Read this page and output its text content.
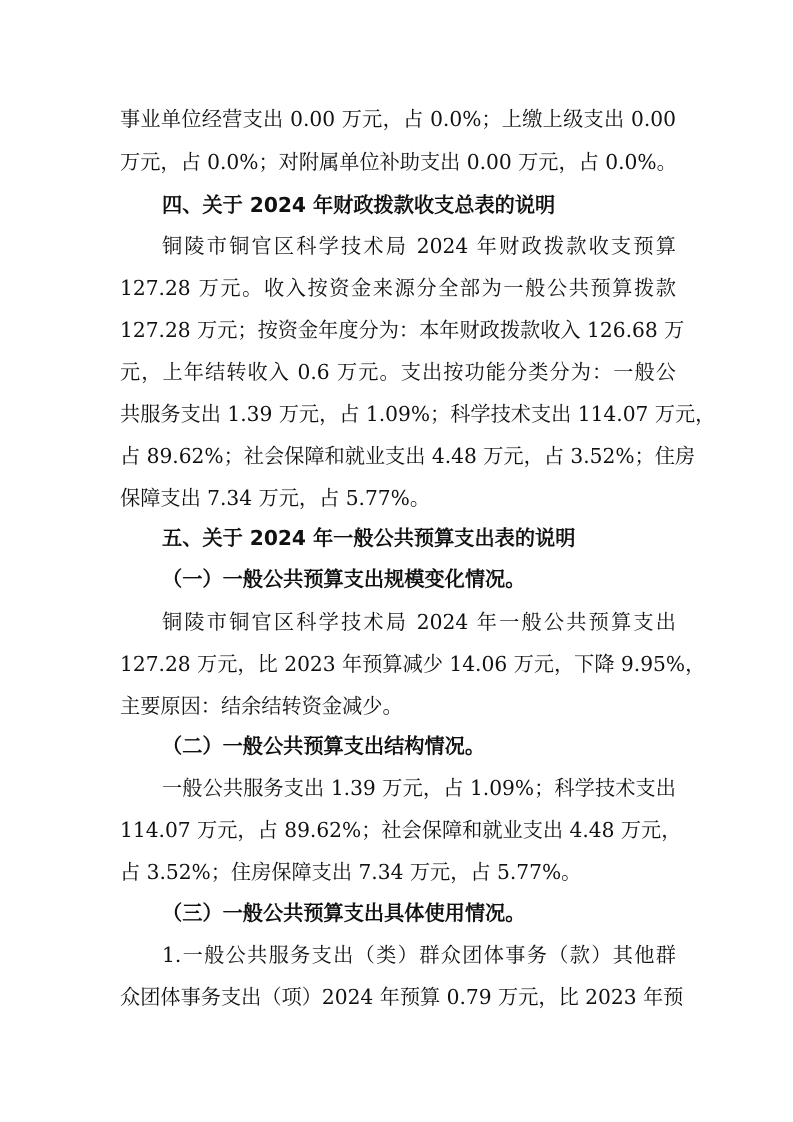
事业单位经营支出 0.00 万元，占 0.0%；上缴上级支出 0.00
万元，占 0.0%；对附属单位补助支出 0.00 万元，占 0.0%。
四、关于 2024 年财政拨款收支总表的说明
铜陵市铜官区科学技术局 2024 年财政拨款收支预算
127.28 万元。收入按资金来源分全部为一般公共预算拨款
127.28 万元；按资金年度分为：本年财政拨款收入 126.68 万
元，上年结转收入 0.6 万元。支出按功能分类分为：一般公
共服务支出 1.39 万元，占 1.09%；科学技术支出 114.07 万元，
占 89.62%；社会保障和就业支出 4.48 万元，占 3.52%；住房
保障支出 7.34 万元，占 5.77%。
五、关于 2024 年一般公共预算支出表的说明
（一）一般公共预算支出规模变化情况。
铜陵市铜官区科学技术局 2024 年一般公共预算支出
127.28 万元，比 2023 年预算减少 14.06 万元，下降 9.95%，
主要原因：结余结转资金减少。
（二）一般公共预算支出结构情况。
一般公共服务支出 1.39 万元，占 1.09%；科学技术支出
114.07 万元，占 89.62%；社会保障和就业支出 4.48 万元，
占 3.52%；住房保障支出 7.34 万元，占 5.77%。
（三）一般公共预算支出具体使用情况。
1.一般公共服务支出（类）群众团体事务（款）其他群
众团体事务支出（项）2024 年预算 0.79 万元，比 2023 年预
